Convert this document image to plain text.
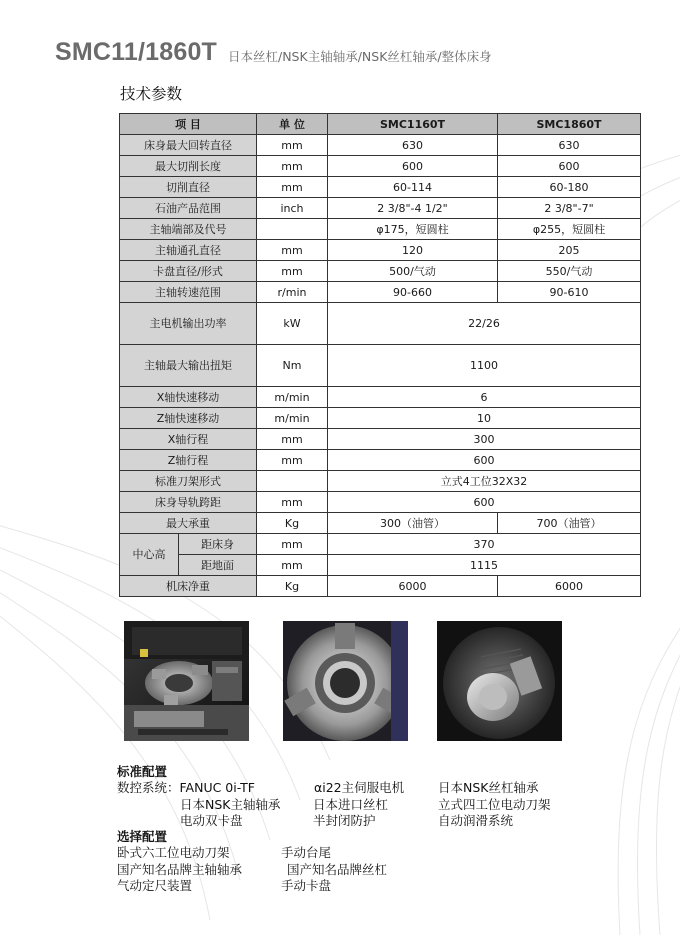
SMC11/1860T 日本丝杠/NSK主轴轴承/NSK丝杠轴承/整体床身
技术参数
项 目		单 位	SMC1160T	SMC1860T
床身最大回转直径		mm	630	630
最大切削长度		mm	600	600
切削直径		mm	60-114	60-180
石油产品范围		inch	2 3/8"-4 1/2"	2 3/8"-7"
主轴端部及代号			φ175，短圆柱	φ255，短圆柱
主轴通孔直径		mm	120	205
卡盘直径/形式		mm	500/气动	550/气动
主轴转速范围		r/min	90-660	90-610
主电机输出功率		kW	22/26	
主轴最大输出扭矩		Nm	1100	
X轴快速移动		m/min	6	
Z轴快速移动		m/min	10	
X轴行程		mm	300	
Z轴行程		mm	600	
标准刀架形式			立式4工位32X32	
床身导轨跨距		mm	600	
最大承重		Kg	300（油管）	700（油管）
中心高	距床身	mm	370	
	距地面	mm	1115	
机床净重		Kg	6000	6000
标准配置
数控系统：FANUC 0i-TF	αi22主伺服电机	日本NSK丝杠轴承
日本NSK主轴轴承	日本进口丝杠	立式四工位电动刀架
电动双卡盘	半封闭防护	自动润滑系统
选择配置
卧式六工位电动刀架	手动台尾
国产知名品牌主轴轴承	国产知名品牌丝杠
气动定尺装置	手动卡盘
